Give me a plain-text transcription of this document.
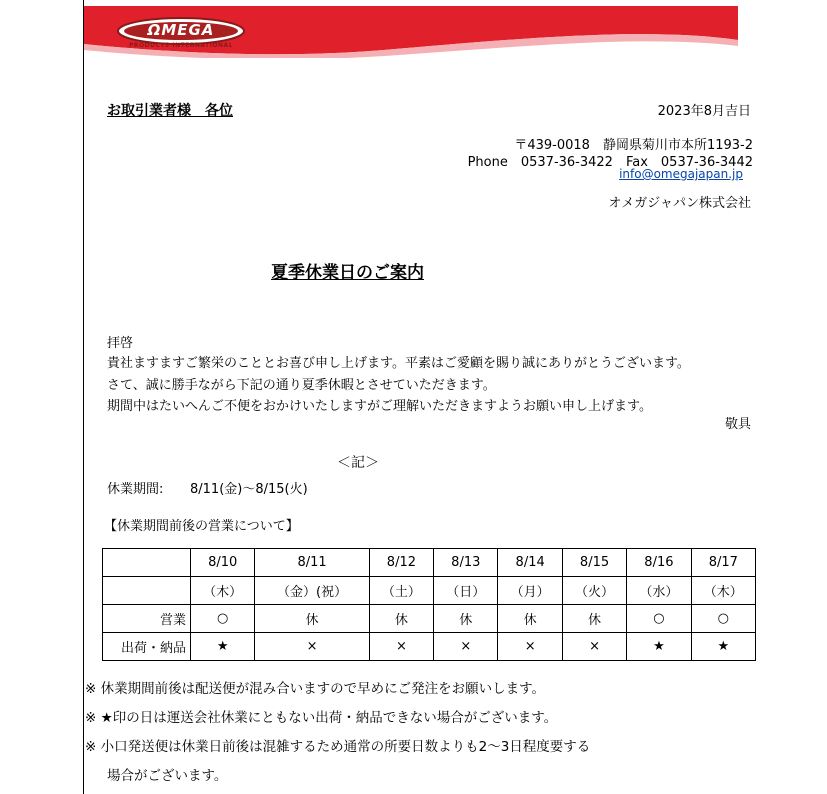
ΩMEGA
PRODUCTS INTERNATIONAL
お取引業者様　各位	2023年8月吉日
〒439-0018　静岡県菊川市本所1193-2
Phone　0537-36-3422　Fax　0537-36-3442
info@omegajapan.jp
オメガジャパン株式会社
夏季休業日のご案内
拝啓
貴社ますますご繁栄のこととお喜び申し上げます。平素はご愛顧を賜り誠にありがとうございます。
さて、誠に勝手ながら下記の通り夏季休暇とさせていただきます。
期間中はたいへんご不便をおかけいたしますがご理解いただきますようお願い申し上げます。
敬具
＜記＞
休業期間: 8/11(金)～8/15(火)
【休業期間前後の営業について】
	8/10	8/11	8/12	8/13	8/14	8/15	8/16	8/17
	（木）	（金）(祝）	（土）	（日）	（月）	（火）	（水）	（木）
営業	○	休	休	休	休	休	○	○
出荷・納品	★	×	×	×	×	×	★	★
※ 休業期間前後は配送便が混み合いますので早めにご発注をお願いします。
※ ★印の日は運送会社休業にともない出荷・納品できない場合がございます。
※ 小口発送便は休業日前後は混雑するため通常の所要日数よりも2～3日程度要する
場合がございます。
